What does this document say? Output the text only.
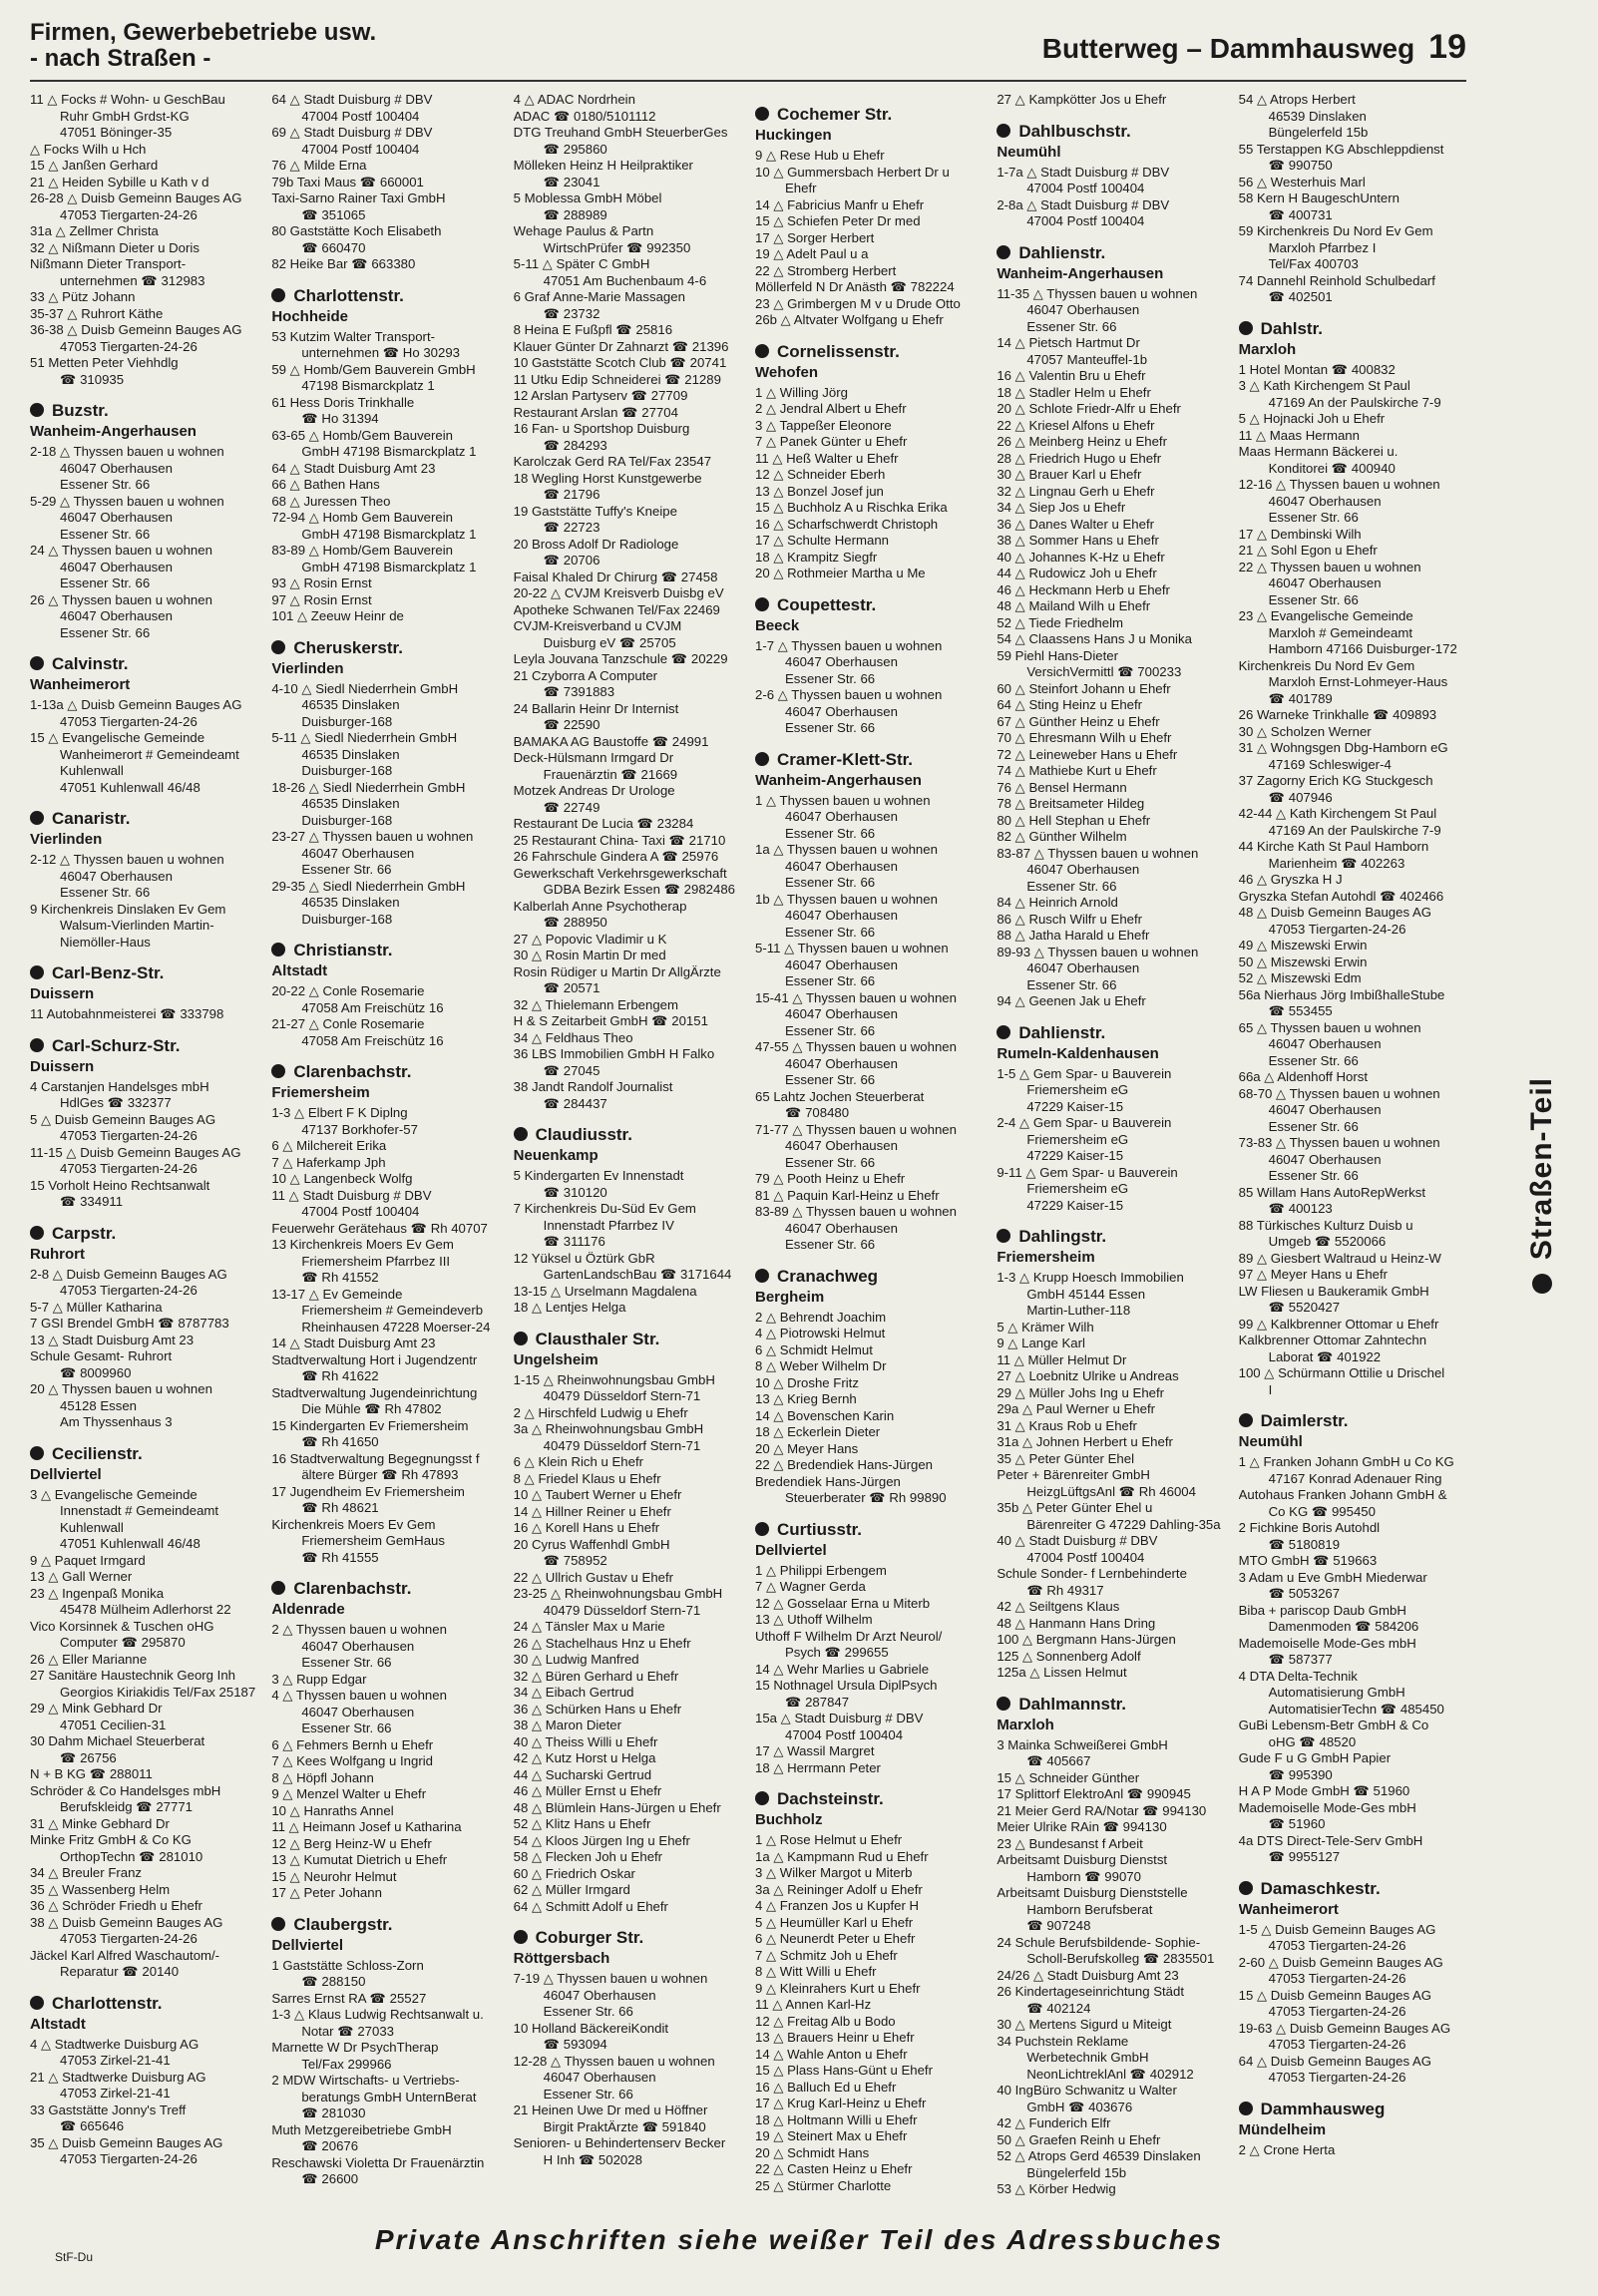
Firmen, Gewerbebetriebe usw.
- nach Straßen -	Butterweg – Dammhausweg 19
11 △ Focks # Wohn- u GeschBau
Ruhr GmbH Grdst-KG
47051 Böninger-35
△ Focks Wilh u Hch
15 △ Janßen Gerhard
21 △ Heiden Sybille u Kath v d
26-28 △ Duisb Gemeinn Bauges AG
47053 Tiergarten-24-26
31a △ Zellmer Christa
32 △ Nißmann Dieter u Doris
Nißmann Dieter Transport-
unternehmen ☎ 312983
33 △ Pütz Johann
35-37 △ Ruhrort Käthe
36-38 △ Duisb Gemeinn Bauges AG
47053 Tiergarten-24-26
51 Metten Peter Viehhdlg
☎ 310935
Buzstr.
Wanheim-Angerhausen
2-18 △ Thyssen bauen u wohnen
46047 Oberhausen
Essener Str. 66
5-29 △ Thyssen bauen u wohnen
46047 Oberhausen
Essener Str. 66
24 △ Thyssen bauen u wohnen
46047 Oberhausen
Essener Str. 66
26 △ Thyssen bauen u wohnen
46047 Oberhausen
Essener Str. 66
Calvinstr.
Wanheimerort
1-13a △ Duisb Gemeinn Bauges AG
47053 Tiergarten-24-26
15 △ Evangelische Gemeinde
Wanheimerort # Gemeindeamt
Kuhlenwall
47051 Kuhlenwall 46/48
Canaristr.
Vierlinden
2-12 △ Thyssen bauen u wohnen
46047 Oberhausen
Essener Str. 66
9 Kirchenkreis Dinslaken Ev Gem
Walsum-Vierlinden Martin-
Niemöller-Haus
Carl-Benz-Str.
Duissern
11 Autobahnmeisterei ☎ 333798
Carl-Schurz-Str.
Duissern
4 Carstanjen Handelsges mbH
HdlGes ☎ 332377
5 △ Duisb Gemeinn Bauges AG
47053 Tiergarten-24-26
11-15 △ Duisb Gemeinn Bauges AG
47053 Tiergarten-24-26
15 Vorholt Heino Rechtsanwalt
☎ 334911
Carpstr.
Ruhrort
2-8 △ Duisb Gemeinn Bauges AG
47053 Tiergarten-24-26
5-7 △ Müller Katharina
7 GSI Brendel GmbH ☎ 8787783
13 △ Stadt Duisburg Amt 23
Schule Gesamt- Ruhrort
☎ 8009960
20 △ Thyssen bauen u wohnen
45128 Essen
Am Thyssenhaus 3
Cecilienstr.
Dellviertel
3 △ Evangelische Gemeinde
Innenstadt # Gemeindeamt
Kuhlenwall
47051 Kuhlenwall 46/48
9 △ Paquet Irmgard
13 △ Gall Werner
23 △ Ingenpaß Monika
45478 Mülheim Adlerhorst 22
Vico Korsinnek & Tuschen oHG
Computer ☎ 295870
26 △ Eller Marianne
27 Sanitäre Haustechnik Georg Inh
Georgios Kiriakidis Tel/Fax 25187
29 △ Mink Gebhard Dr
47051 Cecilien-31
30 Dahm Michael Steuerberat
☎ 26756
N + B KG ☎ 288011
Schröder & Co Handelsges mbH
Berufskleidg ☎ 27771
31 △ Minke Gebhard Dr
Minke Fritz GmbH & Co KG
OrthopTechn ☎ 281010
34 △ Breuler Franz
35 △ Wassenberg Helm
36 △ Schröder Friedh u Ehefr
38 △ Duisb Gemeinn Bauges AG
47053 Tiergarten-24-26
Jäckel Karl Alfred Waschautom/-
Reparatur ☎ 20140
Charlottenstr.
Altstadt
4 △ Stadtwerke Duisburg AG
47053 Zirkel-21-41
21 △ Stadtwerke Duisburg AG
47053 Zirkel-21-41
33 Gaststätte Jonny's Treff
☎ 665646
35 △ Duisb Gemeinn Bauges AG
47053 Tiergarten-24-26
64 △ Stadt Duisburg # DBV
47004 Postf 100404
69 △ Stadt Duisburg # DBV
47004 Postf 100404
76 △ Milde Erna
79b Taxi Maus ☎ 660001
Taxi-Sarno Rainer Taxi GmbH
☎ 351065
80 Gaststätte Koch Elisabeth
☎ 660470
82 Heike Bar ☎ 663380
Charlottenstr.
Hochheide
53 Kutzim Walter Transport-
unternehmen ☎ Ho 30293
59 △ Homb/Gem Bauverein GmbH
47198 Bismarckplatz 1
61 Hess Doris Trinkhalle
☎ Ho 31394
63-65 △ Homb/Gem Bauverein
GmbH 47198 Bismarckplatz 1
64 △ Stadt Duisburg Amt 23
66 △ Bathen Hans
68 △ Juressen Theo
72-94 △ Homb Gem Bauverein
GmbH 47198 Bismarckplatz 1
83-89 △ Homb/Gem Bauverein
GmbH 47198 Bismarckplatz 1
93 △ Rosin Ernst
97 △ Rosin Ernst
101 △ Zeeuw Heinr de
Cheruskerstr.
Vierlinden
4-10 △ Siedl Niederrhein GmbH
46535 Dinslaken
Duisburger-168
5-11 △ Siedl Niederrhein GmbH
46535 Dinslaken
Duisburger-168
18-26 △ Siedl Niederrhein GmbH
46535 Dinslaken
Duisburger-168
23-27 △ Thyssen bauen u wohnen
46047 Oberhausen
Essener Str. 66
29-35 △ Siedl Niederrhein GmbH
46535 Dinslaken
Duisburger-168
Christianstr.
Altstadt
20-22 △ Conle Rosemarie
47058 Am Freischütz 16
21-27 △ Conle Rosemarie
47058 Am Freischütz 16
Clarenbachstr.
Friemersheim
1-3 △ Elbert F K Diplng
47137 Borkhofer-57
6 △ Milchereit Erika
7 △ Haferkamp Jph
10 △ Langenbeck Wolfg
11 △ Stadt Duisburg # DBV
47004 Postf 100404
Feuerwehr Gerätehaus ☎ Rh 40707
13 Kirchenkreis Moers Ev Gem
Friemersheim Pfarrbez III
☎ Rh 41552
13-17 △ Ev Gemeinde
Friemersheim # Gemeindeverb
Rheinhausen 47228 Moerser-24
14 △ Stadt Duisburg Amt 23
Stadtverwaltung Hort i Jugendzentr
☎ Rh 41622
Stadtverwaltung Jugendeinrichtung
Die Mühle ☎ Rh 47802
15 Kindergarten Ev Friemersheim
☎ Rh 41650
16 Stadtverwaltung Begegnungsst f
ältere Bürger ☎ Rh 47893
17 Jugendheim Ev Friemersheim
☎ Rh 48621
Kirchenkreis Moers Ev Gem
Friemersheim GemHaus
☎ Rh 41555
Clarenbachstr.
Aldenrade
2 △ Thyssen bauen u wohnen
46047 Oberhausen
Essener Str. 66
3 △ Rupp Edgar
4 △ Thyssen bauen u wohnen
46047 Oberhausen
Essener Str. 66
6 △ Fehmers Bernh u Ehefr
7 △ Kees Wolfgang u Ingrid
8 △ Höpfl Johann
9 △ Menzel Walter u Ehefr
10 △ Hanraths Annel
11 △ Heimann Josef u Katharina
12 △ Berg Heinz-W u Ehefr
13 △ Kumutat Dietrich u Ehefr
15 △ Neurohr Helmut
17 △ Peter Johann
Claubergstr.
Dellviertel
1 Gaststätte Schloss-Zorn
☎ 288150
Sarres Ernst RA ☎ 25527
1-3 △ Klaus Ludwig Rechtsanwalt u.
Notar ☎ 27033
Marnette W Dr PsychTherap
Tel/Fax 299966
2 MDW Wirtschafts- u Vertriebs-
beratungs GmbH UnternBerat
☎ 281030
Muth Metzgereibetriebe GmbH
☎ 20676
Reschawski Violetta Dr Frauenärztin
☎ 26600
4 △ ADAC Nordrhein
ADAC ☎ 0180/5101112
DTG Treuhand GmbH SteuerberGes
☎ 295860
Mölleken Heinz H Heilpraktiker
☎ 23041
5 Moblessa GmbH Möbel
☎ 288989
Wehage Paulus & Partn
WirtschPrüfer ☎ 992350
5-11 △ Später C GmbH
47051 Am Buchenbaum 4-6
6 Graf Anne-Marie Massagen
☎ 23732
8 Heina E Fußpfl ☎ 25816
Klauer Günter Dr Zahnarzt ☎ 21396
10 Gaststätte Scotch Club ☎ 20741
11 Utku Edip Schneiderei ☎ 21289
12 Arslan Partyserv ☎ 27709
Restaurant Arslan ☎ 27704
16 Fan- u Sportshop Duisburg
☎ 284293
Karolczak Gerd RA Tel/Fax 23547
18 Wegling Horst Kunstgewerbe
☎ 21796
19 Gaststätte Tuffy's Kneipe
☎ 22723
20 Bross Adolf Dr Radiologe
☎ 20706
Faisal Khaled Dr Chirurg ☎ 27458
20-22 △ CVJM Kreisverb Duisbg eV
Apotheke Schwanen Tel/Fax 22469
CVJM-Kreisverband u CVJM
Duisburg eV ☎ 25705
Leyla Jouvana Tanzschule ☎ 20229
21 Czyborra A Computer
☎ 7391883
24 Ballarin Heinr Dr Internist
☎ 22590
BAMAKA AG Baustoffe ☎ 24991
Deck-Hülsmann Irmgard Dr
Frauenärztin ☎ 21669
Motzek Andreas Dr Urologe
☎ 22749
Restaurant De Lucia ☎ 23284
25 Restaurant China- Taxi ☎ 21710
26 Fahrschule Gindera A ☎ 25976
Gewerkschaft Verkehrsgewerkschaft
GDBA Bezirk Essen ☎ 2982486
Kalberlah Anne Psychotherap
☎ 288950
27 △ Popovic Vladimir u K
30 △ Rosin Martin Dr med
Rosin Rüdiger u Martin Dr AllgÄrzte
☎ 20571
32 △ Thielemann Erbengem
H & S Zeitarbeit GmbH ☎ 20151
34 △ Feldhaus Theo
36 LBS Immobilien GmbH H Falko
☎ 27045
38 Jandt Randolf Journalist
☎ 284437
Claudiusstr.
Neuenkamp
5 Kindergarten Ev Innenstadt
☎ 310120
7 Kirchenkreis Du-Süd Ev Gem
Innenstadt Pfarrbez IV
☎ 311176
12 Yüksel u Öztürk GbR
GartenLandschBau ☎ 3171644
13-15 △ Urselmann Magdalena
18 △ Lentjes Helga
Clausthaler Str.
Ungelsheim
1-15 △ Rheinwohnungsbau GmbH
40479 Düsseldorf Stern-71
2 △ Hirschfeld Ludwig u Ehefr
3a △ Rheinwohnungsbau GmbH
40479 Düsseldorf Stern-71
6 △ Klein Rich u Ehefr
8 △ Friedel Klaus u Ehefr
10 △ Taubert Werner u Ehefr
14 △ Hillner Reiner u Ehefr
16 △ Korell Hans u Ehefr
20 Cyrus Waffenhdl GmbH
☎ 758952
22 △ Ullrich Gustav u Ehefr
23-25 △ Rheinwohnungsbau GmbH
40479 Düsseldorf Stern-71
24 △ Tänsler Max u Marie
26 △ Stachelhaus Hnz u Ehefr
30 △ Ludwig Manfred
32 △ Büren Gerhard u Ehefr
34 △ Eibach Gertrud
36 △ Schürken Hans u Ehefr
38 △ Maron Dieter
40 △ Theiss Willi u Ehefr
42 △ Kutz Horst u Helga
44 △ Sucharski Gertrud
46 △ Müller Ernst u Ehefr
48 △ Blümlein Hans-Jürgen u Ehefr
52 △ Klitz Hans u Ehefr
54 △ Kloos Jürgen Ing u Ehefr
58 △ Flecken Joh u Ehefr
60 △ Friedrich Oskar
62 △ Müller Irmgard
64 △ Schmitt Adolf u Ehefr
Coburger Str.
Röttgersbach
7-19 △ Thyssen bauen u wohnen
46047 Oberhausen
Essener Str. 66
10 Holland BäckereiKondit
☎ 593094
12-28 △ Thyssen bauen u wohnen
46047 Oberhausen
Essener Str. 66
21 Heinen Uwe Dr med u Höffner
Birgit PraktÄrzte ☎ 591840
Senioren- u Behindertenserv Becker
H Inh ☎ 502028
Cochemer Str.
Huckingen
9 △ Rese Hub u Ehefr
10 △ Gummersbach Herbert Dr u
Ehefr
14 △ Fabricius Manfr u Ehefr
15 △ Schiefen Peter Dr med
17 △ Sorger Herbert
19 △ Adelt Paul u a
22 △ Stromberg Herbert
Möllerfeld N Dr Anästh ☎ 782224
23 △ Grimbergen M v u Drude Otto
26b △ Altvater Wolfgang u Ehefr
Cornelissenstr.
Wehofen
1 △ Willing Jörg
2 △ Jendral Albert u Ehefr
3 △ Tappeßer Eleonore
7 △ Panek Günter u Ehefr
11 △ Heß Walter u Ehefr
12 △ Schneider Eberh
13 △ Bonzel Josef jun
15 △ Buchholz A u Rischka Erika
16 △ Scharfschwerdt Christoph
17 △ Schulte Hermann
18 △ Krampitz Siegfr
20 △ Rothmeier Martha u Me
Coupettestr.
Beeck
1-7 △ Thyssen bauen u wohnen
46047 Oberhausen
Essener Str. 66
2-6 △ Thyssen bauen u wohnen
46047 Oberhausen
Essener Str. 66
Cramer-Klett-Str.
Wanheim-Angerhausen
1 △ Thyssen bauen u wohnen
46047 Oberhausen
Essener Str. 66
1a △ Thyssen bauen u wohnen
46047 Oberhausen
Essener Str. 66
1b △ Thyssen bauen u wohnen
46047 Oberhausen
Essener Str. 66
5-11 △ Thyssen bauen u wohnen
46047 Oberhausen
Essener Str. 66
15-41 △ Thyssen bauen u wohnen
46047 Oberhausen
Essener Str. 66
47-55 △ Thyssen bauen u wohnen
46047 Oberhausen
Essener Str. 66
65 Lahtz Jochen Steuerberat
☎ 708480
71-77 △ Thyssen bauen u wohnen
46047 Oberhausen
Essener Str. 66
79 △ Pooth Heinz u Ehefr
81 △ Paquin Karl-Heinz u Ehefr
83-89 △ Thyssen bauen u wohnen
46047 Oberhausen
Essener Str. 66
Cranachweg
Bergheim
2 △ Behrendt Joachim
4 △ Piotrowski Helmut
6 △ Schmidt Helmut
8 △ Weber Wilhelm Dr
10 △ Droshe Fritz
13 △ Krieg Bernh
14 △ Bovenschen Karin
18 △ Eckerlein Dieter
20 △ Meyer Hans
22 △ Bredendiek Hans-Jürgen
Bredendiek Hans-Jürgen
Steuerberater ☎ Rh 99890
Curtiusstr.
Dellviertel
1 △ Philippi Erbengem
7 △ Wagner Gerda
12 △ Gosselaar Erna u Miterb
13 △ Uthoff Wilhelm
Uthoff F Wilhelm Dr Arzt Neurol/
Psych ☎ 299655
14 △ Wehr Marlies u Gabriele
15 Nothnagel Ursula DiplPsych
☎ 287847
15a △ Stadt Duisburg # DBV
47004 Postf 100404
17 △ Wassil Margret
18 △ Herrmann Peter
Dachsteinstr.
Buchholz
1 △ Rose Helmut u Ehefr
1a △ Kampmann Rud u Ehefr
3 △ Wilker Margot u Miterb
3a △ Reininger Adolf u Ehefr
4 △ Franzen Jos u Kupfer H
5 △ Heumüller Karl u Ehefr
6 △ Neunerdt Peter u Ehefr
7 △ Schmitz Joh u Ehefr
8 △ Witt Willi u Ehefr
9 △ Kleinrahers Kurt u Ehefr
11 △ Annen Karl-Hz
12 △ Freitag Alb u Bodo
13 △ Brauers Heinr u Ehefr
14 △ Wahle Anton u Ehefr
15 △ Plass Hans-Günt u Ehefr
16 △ Balluch Ed u Ehefr
17 △ Krug Karl-Heinz u Ehefr
18 △ Holtmann Willi u Ehefr
19 △ Steinert Max u Ehefr
20 △ Schmidt Hans
22 △ Casten Heinz u Ehefr
25 △ Stürmer Charlotte
27 △ Kampkötter Jos u Ehefr
Dahlbuschstr.
Neumühl
1-7a △ Stadt Duisburg # DBV
47004 Postf 100404
2-8a △ Stadt Duisburg # DBV
47004 Postf 100404
Dahlienstr.
Wanheim-Angerhausen
11-35 △ Thyssen bauen u wohnen
46047 Oberhausen
Essener Str. 66
14 △ Pietsch Hartmut Dr
47057 Manteuffel-1b
16 △ Valentin Bru u Ehefr
18 △ Stadler Helm u Ehefr
20 △ Schlote Friedr-Alfr u Ehefr
22 △ Kriesel Alfons u Ehefr
26 △ Meinberg Heinz u Ehefr
28 △ Friedrich Hugo u Ehefr
30 △ Brauer Karl u Ehefr
32 △ Lingnau Gerh u Ehefr
34 △ Siep Jos u Ehefr
36 △ Danes Walter u Ehefr
38 △ Sommer Hans u Ehefr
40 △ Johannes K-Hz u Ehefr
44 △ Rudowicz Joh u Ehefr
46 △ Heckmann Herb u Ehefr
48 △ Mailand Wilh u Ehefr
52 △ Tiede Friedhelm
54 △ Claassens Hans J u Monika
59 Piehl Hans-Dieter
VersichVermittl ☎ 700233
60 △ Steinfort Johann u Ehefr
64 △ Sting Heinz u Ehefr
67 △ Günther Heinz u Ehefr
70 △ Ehresmann Wilh u Ehefr
72 △ Leineweber Hans u Ehefr
74 △ Mathiebe Kurt u Ehefr
76 △ Bensel Hermann
78 △ Breitsameter Hildeg
80 △ Hell Stephan u Ehefr
82 △ Günther Wilhelm
83-87 △ Thyssen bauen u wohnen
46047 Oberhausen
Essener Str. 66
84 △ Heinrich Arnold
86 △ Rusch Wilfr u Ehefr
88 △ Jatha Harald u Ehefr
89-93 △ Thyssen bauen u wohnen
46047 Oberhausen
Essener Str. 66
94 △ Geenen Jak u Ehefr
Dahlienstr.
Rumeln-Kaldenhausen
1-5 △ Gem Spar- u Bauverein
Friemersheim eG
47229 Kaiser-15
2-4 △ Gem Spar- u Bauverein
Friemersheim eG
47229 Kaiser-15
9-11 △ Gem Spar- u Bauverein
Friemersheim eG
47229 Kaiser-15
Dahlingstr.
Friemersheim
1-3 △ Krupp Hoesch Immobilien
GmbH 45144 Essen
Martin-Luther-118
5 △ Krämer Wilh
9 △ Lange Karl
11 △ Müller Helmut Dr
27 △ Loebnitz Ulrike u Andreas
29 △ Müller Johs Ing u Ehefr
29a △ Paul Werner u Ehefr
31 △ Kraus Rob u Ehefr
31a △ Johnen Herbert u Ehefr
35 △ Peter Günter Ehel
Peter + Bärenreiter GmbH
HeizgLüftgsAnl ☎ Rh 46004
35b △ Peter Günter Ehel u
Bärenreiter G 47229 Dahling-35a
40 △ Stadt Duisburg # DBV
47004 Postf 100404
Schule Sonder- f Lernbehinderte
☎ Rh 49317
42 △ Seiltgens Klaus
48 △ Hanmann Hans Dring
100 △ Bergmann Hans-Jürgen
125 △ Sonnenberg Adolf
125a △ Lissen Helmut
Dahlmannstr.
Marxloh
3 Mainka Schweißerei GmbH
☎ 405667
15 △ Schneider Günther
17 Splittorf ElektroAnl ☎ 990945
21 Meier Gerd RA/Notar ☎ 994130
Meier Ulrike RAin ☎ 994130
23 △ Bundesanst f Arbeit
Arbeitsamt Duisburg Dienstst
Hamborn ☎ 99070
Arbeitsamt Duisburg Dienststelle
Hamborn Berufsberat
☎ 907248
24 Schule Berufsbildende- Sophie-
Scholl-Berufskolleg ☎ 2835501
24/26 △ Stadt Duisburg Amt 23
26 Kindertageseinrichtung Städt
☎ 402124
30 △ Mertens Sigurd u Miteigt
34 Puchstein Reklame
Werbetechnik GmbH
NeonLichtreklAnl ☎ 402912
40 IngBüro Schwanitz u Walter
GmbH ☎ 403676
42 △ Funderich Elfr
50 △ Graefen Reinh u Ehefr
52 △ Atrops Gerd 46539 Dinslaken
Büngelerfeld 15b
53 △ Körber Hedwig
54 △ Atrops Herbert
46539 Dinslaken
Büngelerfeld 15b
55 Terstappen KG Abschleppdienst
☎ 990750
56 △ Westerhuis Marl
58 Kern H BaugeschUntern
☎ 400731
59 Kirchenkreis Du Nord Ev Gem
Marxloh Pfarrbez I
Tel/Fax 400703
74 Dannehl Reinhold Schulbedarf
☎ 402501
Dahlstr.
Marxloh
1 Hotel Montan ☎ 400832
3 △ Kath Kirchengem St Paul
47169 An der Paulskirche 7-9
5 △ Hojnacki Joh u Ehefr
11 △ Maas Hermann
Maas Hermann Bäckerei u.
Konditorei ☎ 400940
12-16 △ Thyssen bauen u wohnen
46047 Oberhausen
Essener Str. 66
17 △ Dembinski Wilh
21 △ Sohl Egon u Ehefr
22 △ Thyssen bauen u wohnen
46047 Oberhausen
Essener Str. 66
23 △ Evangelische Gemeinde
Marxloh # Gemeindeamt
Hamborn 47166 Duisburger-172
Kirchenkreis Du Nord Ev Gem
Marxloh Ernst-Lohmeyer-Haus
☎ 401789
26 Warneke Trinkhalle ☎ 409893
30 △ Scholzen Werner
31 △ Wohngsgen Dbg-Hamborn eG
47169 Schleswiger-4
37 Zagorny Erich KG Stuckgesch
☎ 407946
42-44 △ Kath Kirchengem St Paul
47169 An der Paulskirche 7-9
44 Kirche Kath St Paul Hamborn
Marienheim ☎ 402263
46 △ Gryszka H J
Gryszka Stefan Autohdl ☎ 402466
48 △ Duisb Gemeinn Bauges AG
47053 Tiergarten-24-26
49 △ Miszewski Erwin
50 △ Miszewski Erwin
52 △ Miszewski Edm
56a Nierhaus Jörg ImbißhalleStube
☎ 553455
65 △ Thyssen bauen u wohnen
46047 Oberhausen
Essener Str. 66
66a △ Aldenhoff Horst
68-70 △ Thyssen bauen u wohnen
46047 Oberhausen
Essener Str. 66
73-83 △ Thyssen bauen u wohnen
46047 Oberhausen
Essener Str. 66
85 Willam Hans AutoRepWerkst
☎ 400123
88 Türkisches Kulturz Duisb u
Umgeb ☎ 5520066
89 △ Giesbert Waltraud u Heinz-W
97 △ Meyer Hans u Ehefr
LW Fliesen u Baukeramik GmbH
☎ 5520427
99 △ Kalkbrenner Ottomar u Ehefr
Kalkbrenner Ottomar Zahntechn
Laborat ☎ 401922
100 △ Schürmann Ottilie u Drischel
I
Daimlerstr.
Neumühl
1 △ Franken Johann GmbH u Co KG
47167 Konrad Adenauer Ring
Autohaus Franken Johann GmbH &
Co KG ☎ 995450
2 Fichkine Boris Autohdl
☎ 5180819
MTO GmbH ☎ 519663
3 Adam u Eve GmbH Miederwar
☎ 5053267
Biba + pariscop Daub GmbH
Damenmoden ☎ 584206
Mademoiselle Mode-Ges mbH
☎ 587377
4 DTA Delta-Technik
Automatisierung GmbH
AutomatisierTechn ☎ 485450
GuBi Lebensm-Betr GmbH & Co
oHG ☎ 48520
Gude F u G GmbH Papier
☎ 995390
H A P Mode GmbH ☎ 51960
Mademoiselle Mode-Ges mbH
☎ 51960
4a DTS Direct-Tele-Serv GmbH
☎ 9955127
Damaschkestr.
Wanheimerort
1-5 △ Duisb Gemeinn Bauges AG
47053 Tiergarten-24-26
2-60 △ Duisb Gemeinn Bauges AG
47053 Tiergarten-24-26
15 △ Duisb Gemeinn Bauges AG
47053 Tiergarten-24-26
19-63 △ Duisb Gemeinn Bauges AG
47053 Tiergarten-24-26
64 △ Duisb Gemeinn Bauges AG
47053 Tiergarten-24-26
Dammhausweg
Mündelheim
2 △ Crone Herta
Straßen-Teil
Private Anschriften siehe weißer Teil des Adressbuches
StF-Du
